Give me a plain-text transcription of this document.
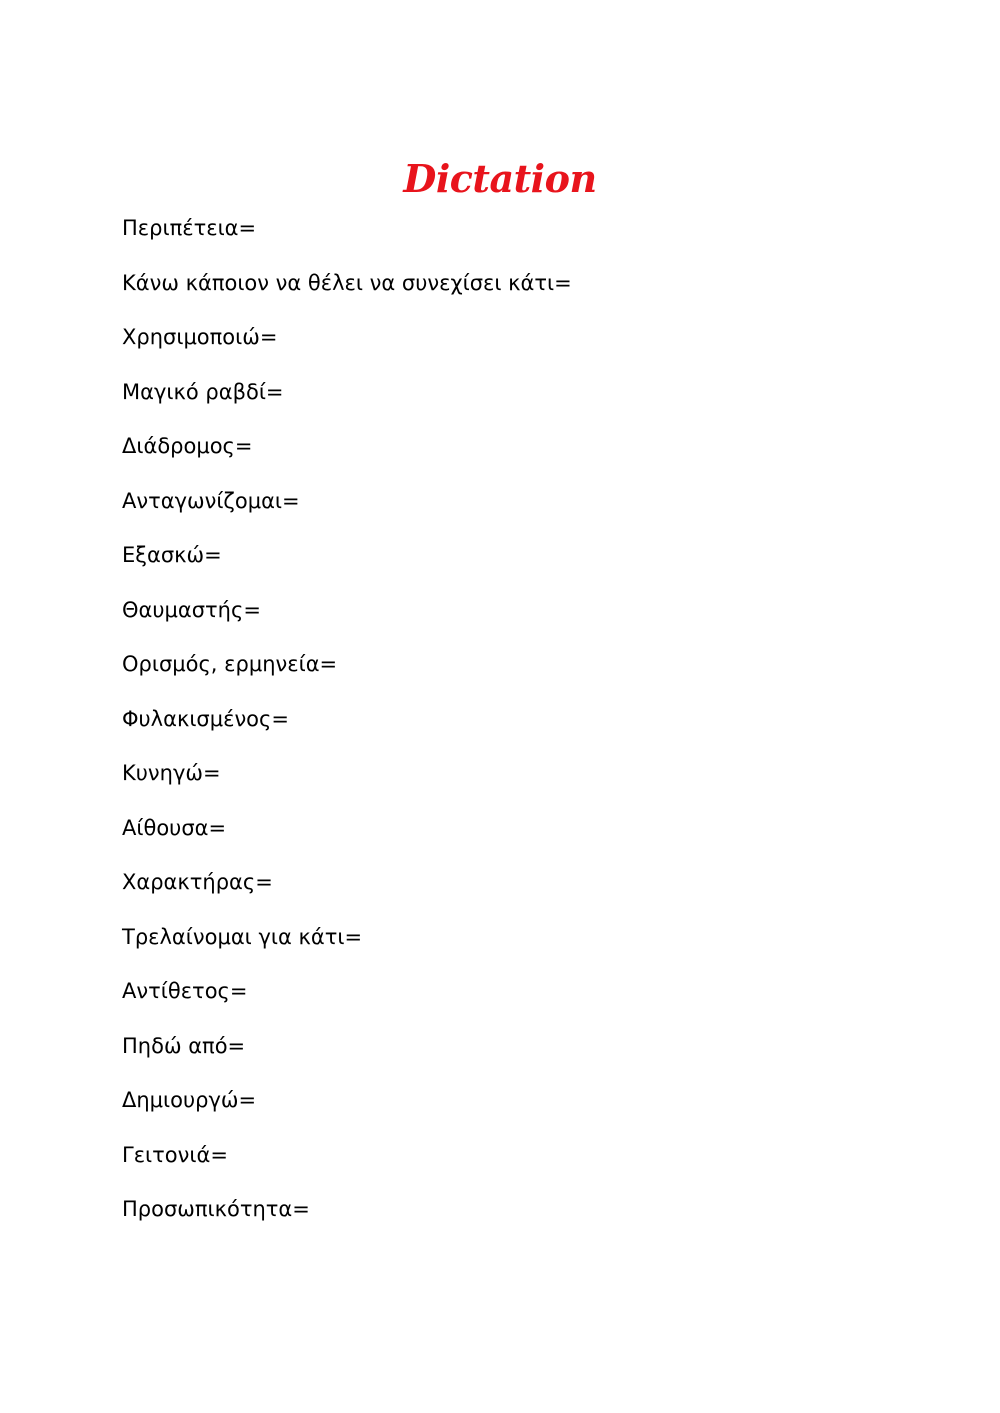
Dictation
Περιπέτεια=
Κάνω κάποιον να θέλει να συνεχίσει κάτι=
Χρησιμοποιώ=
Μαγικό ραβδί=
Διάδρομος=
Ανταγωνίζομαι=
Εξασκώ=
Θαυμαστής=
Ορισμός, ερμηνεία=
Φυλακισμένος=
Κυνηγώ=
Αίθουσα=
Χαρακτήρας=
Τρελαίνομαι για κάτι=
Αντίθετος=
Πηδώ από=
Δημιουργώ=
Γειτονιά=
Προσωπικότητα=
